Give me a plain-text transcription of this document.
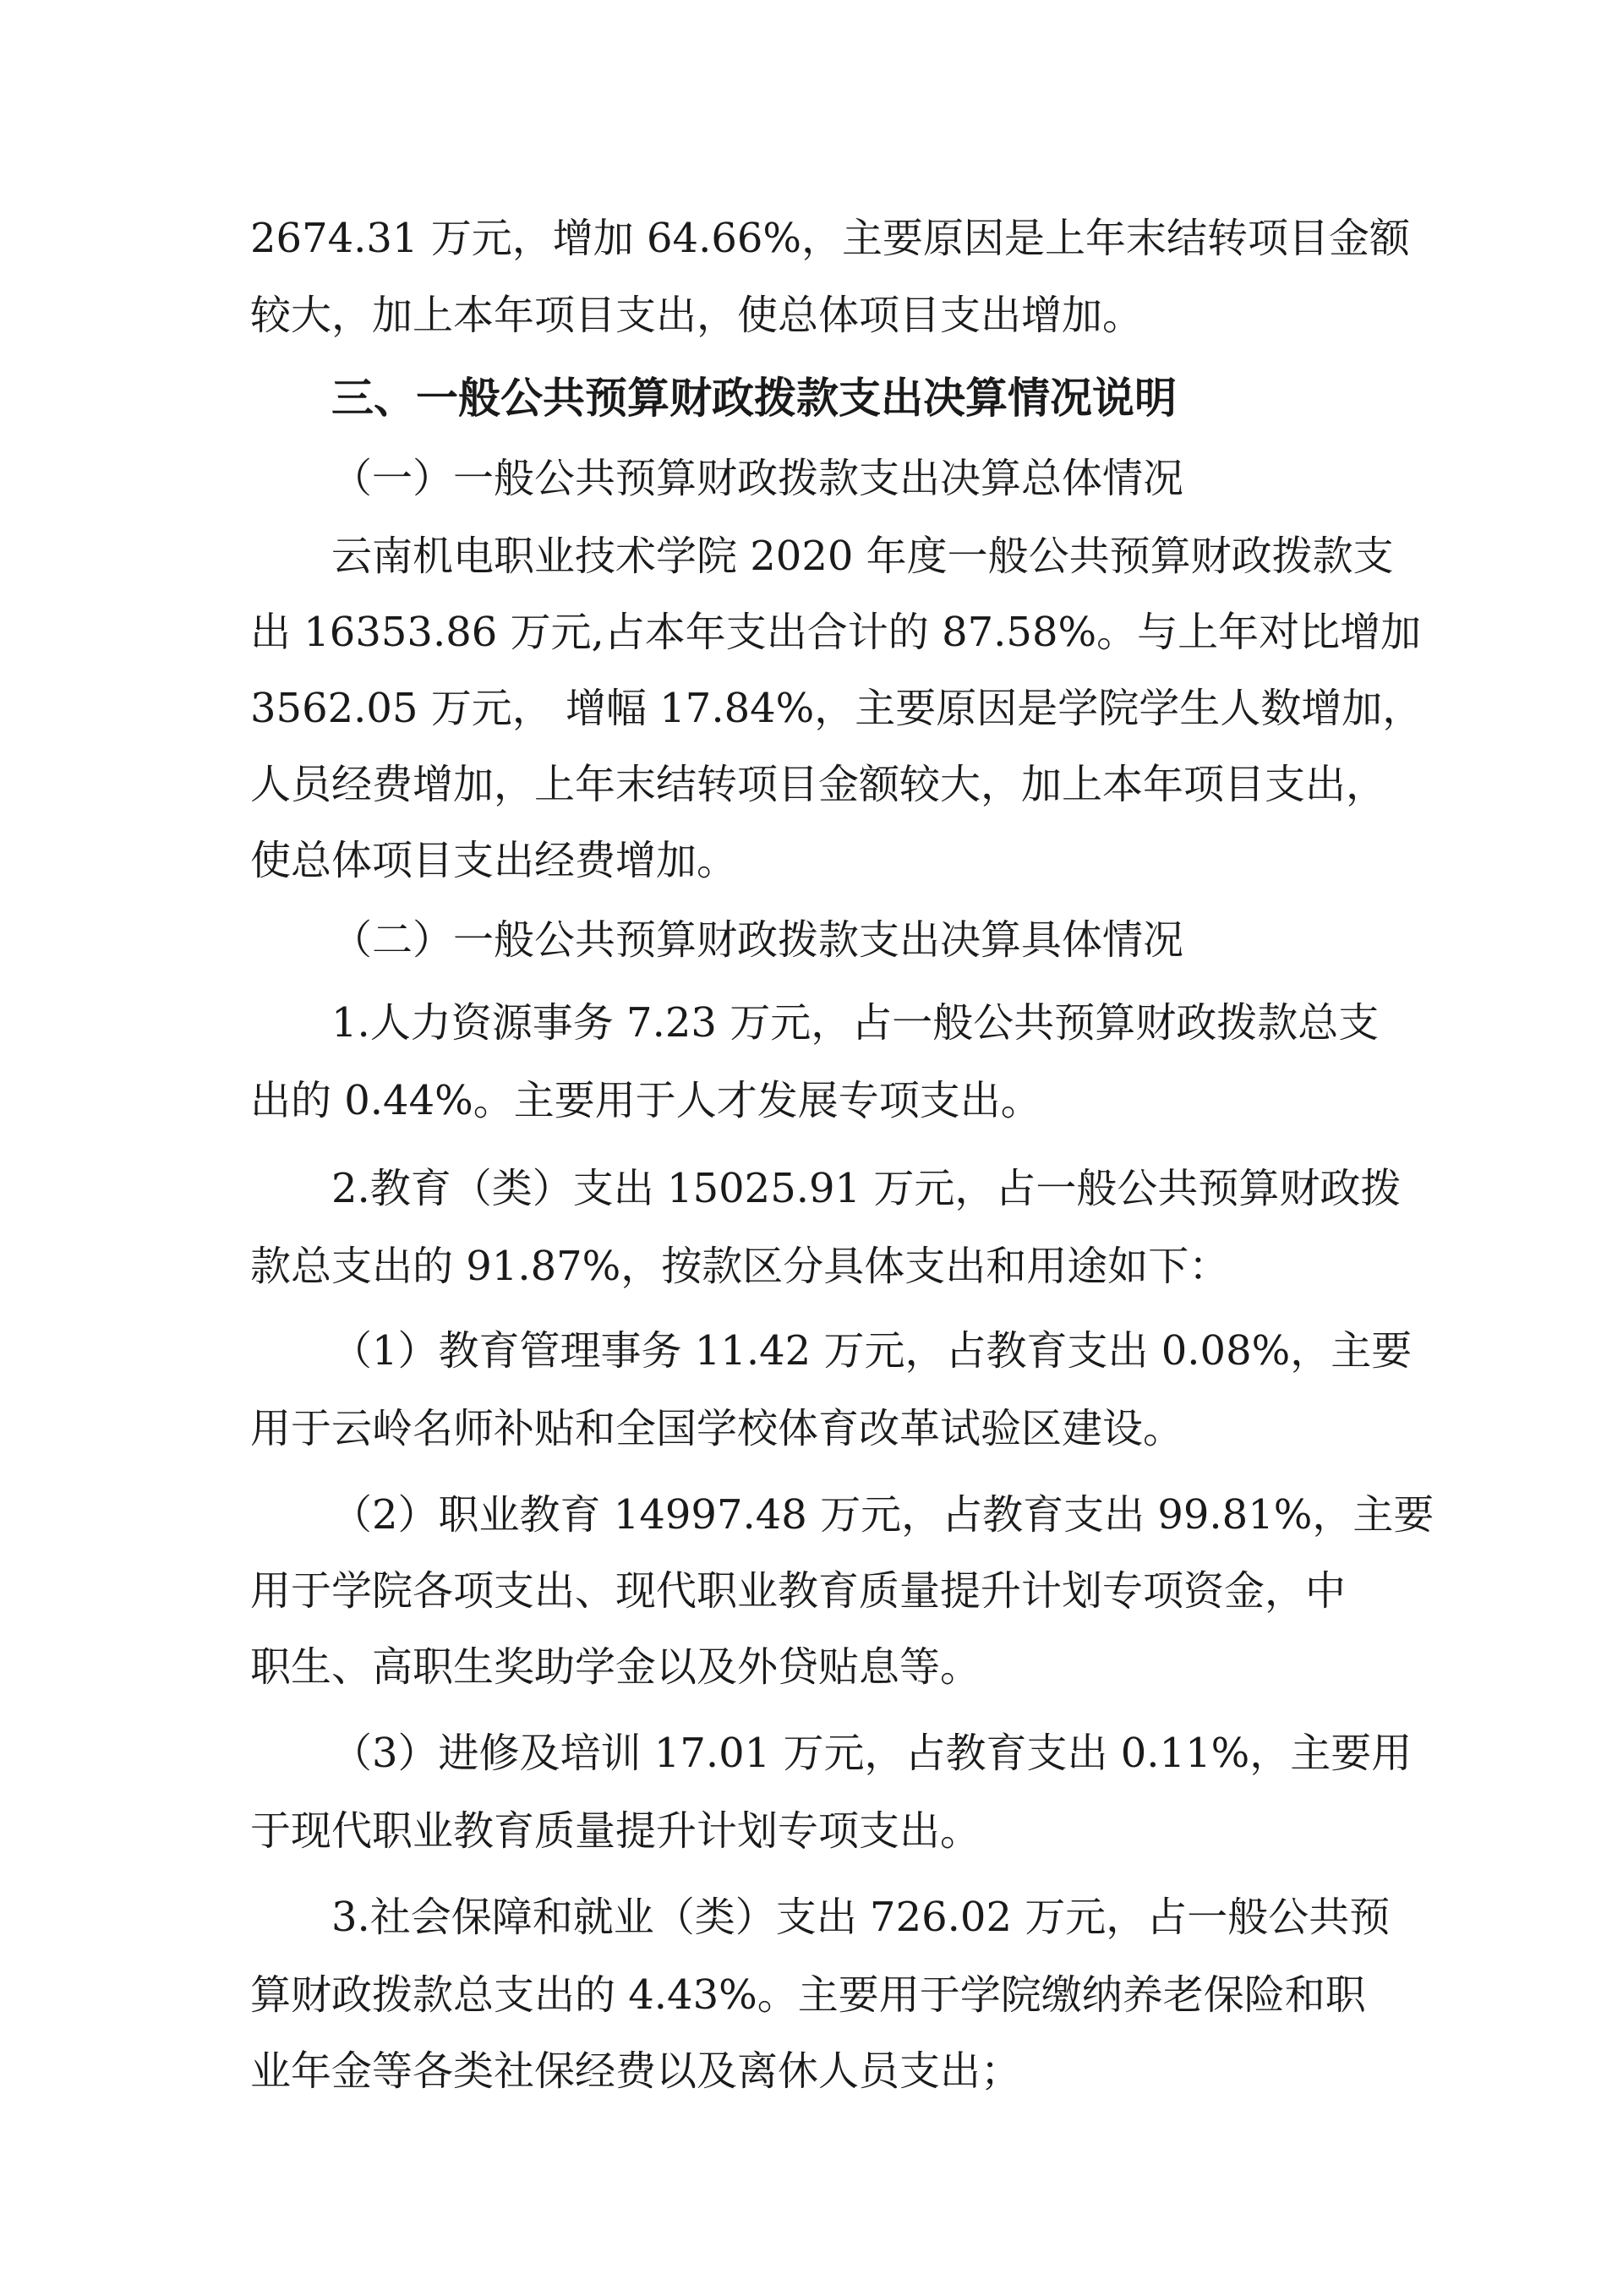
2674.31 万元，增加 64.66%，主要原因是上年末结转项目金额
较大，加上本年项目支出，使总体项目支出增加。
三、一般公共预算财政拨款支出决算情况说明
（一）一般公共预算财政拨款支出决算总体情况
云南机电职业技术学院 2020 年度一般公共预算财政拨款支
出 16353.86 万元,占本年支出合计的 87.58%。与上年对比增加
3562.05 万元， 增幅 17.84%，主要原因是学院学生人数增加，
人员经费增加，上年末结转项目金额较大，加上本年项目支出，
使总体项目支出经费增加。
（二）一般公共预算财政拨款支出决算具体情况
1.人力资源事务 7.23 万元，占一般公共预算财政拨款总支
出的 0.44%。主要用于人才发展专项支出。
2.教育（类）支出 15025.91 万元，占一般公共预算财政拨
款总支出的 91.87%，按款区分具体支出和用途如下：
（1）教育管理事务 11.42 万元，占教育支出 0.08%，主要
用于云岭名师补贴和全国学校体育改革试验区建设。
（2）职业教育 14997.48 万元，占教育支出 99.81%，主要
用于学院各项支出、现代职业教育质量提升计划专项资金，中
职生、高职生奖助学金以及外贷贴息等。
（3）进修及培训 17.01 万元，占教育支出 0.11%，主要用
于现代职业教育质量提升计划专项支出。
3.社会保障和就业（类）支出 726.02 万元，占一般公共预
算财政拨款总支出的 4.43%。主要用于学院缴纳养老保险和职
业年金等各类社保经费以及离休人员支出；
